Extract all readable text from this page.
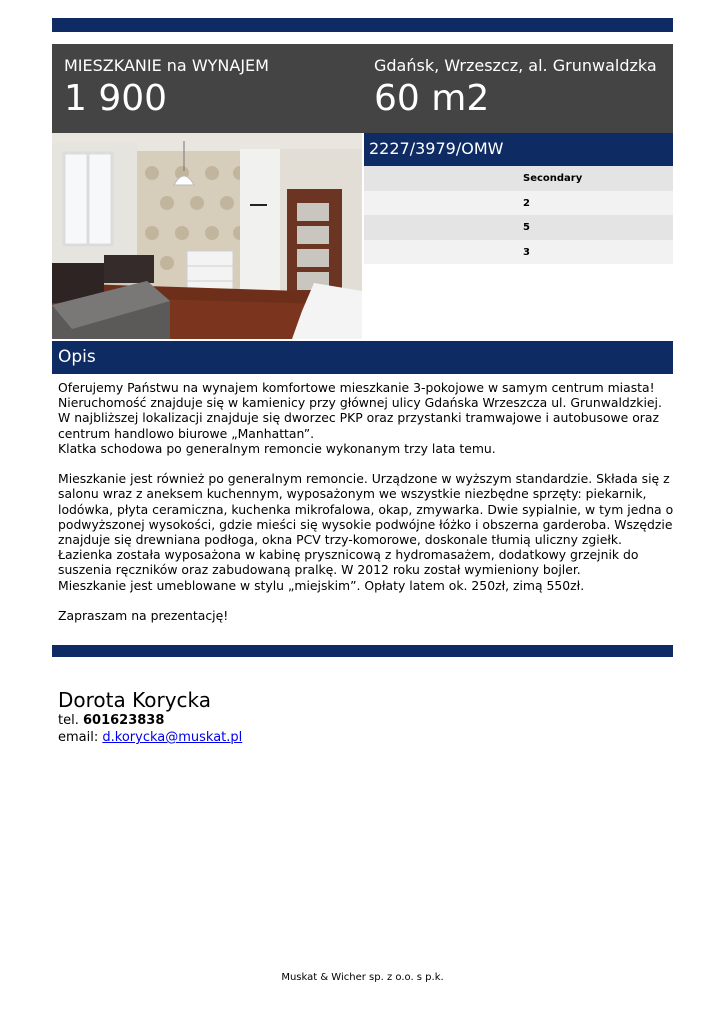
MIESZKANIE na WYNAJEM
1 900
Gdańsk, Wrzeszcz, al. Grunwaldzka
60 m2
2227/3979/OMW
Secondary
2
5
3
Opis

Oferujemy Państwu na wynajem komfortowe mieszkanie 3-pokojowe w samym centrum miasta!

Nieruchomość znajduje się w kamienicy przy głównej ulicy Gdańska Wrzeszcza ul. Grunwaldzkiej.

W najbliższej lokalizacji znajduje się dworzec PKP oraz przystanki tramwajowe i autobusowe oraz

centrum handlowo biurowe „Manhattan”.

Klatka schodowa po generalnym remoncie wykonanym trzy lata temu.

Mieszkanie jest również po generalnym remoncie. Urządzone w wyższym standardzie. Składa się z

salonu wraz z aneksem kuchennym, wyposażonym we wszystkie niezbędne sprzęty: piekarnik,

lodówka, płyta ceramiczna, kuchenka mikrofalowa, okap, zmywarka. Dwie sypialnie, w tym jedna o

podwyższonej wysokości, gdzie mieści się wysokie podwójne łóżko i obszerna garderoba. Wszędzie

znajduje się drewniana podłoga, okna PCV trzy-komorowe, doskonale tłumią uliczny zgiełk.

Łazienka została wyposażona w kabinę prysznicową z hydromasażem, dodatkowy grzejnik do

suszenia ręczników oraz zabudowaną pralkę. W 2012 roku został wymieniony bojler.

Mieszkanie jest umeblowane w stylu „miejskim”. Opłaty latem ok. 250zł, zimą 550zł.

Zapraszam na prezentację!

Dorota Korycka
tel. 601623838
email: d.korycka@muskat.pl
Muskat & Wicher sp. z o.o. s p.k.
